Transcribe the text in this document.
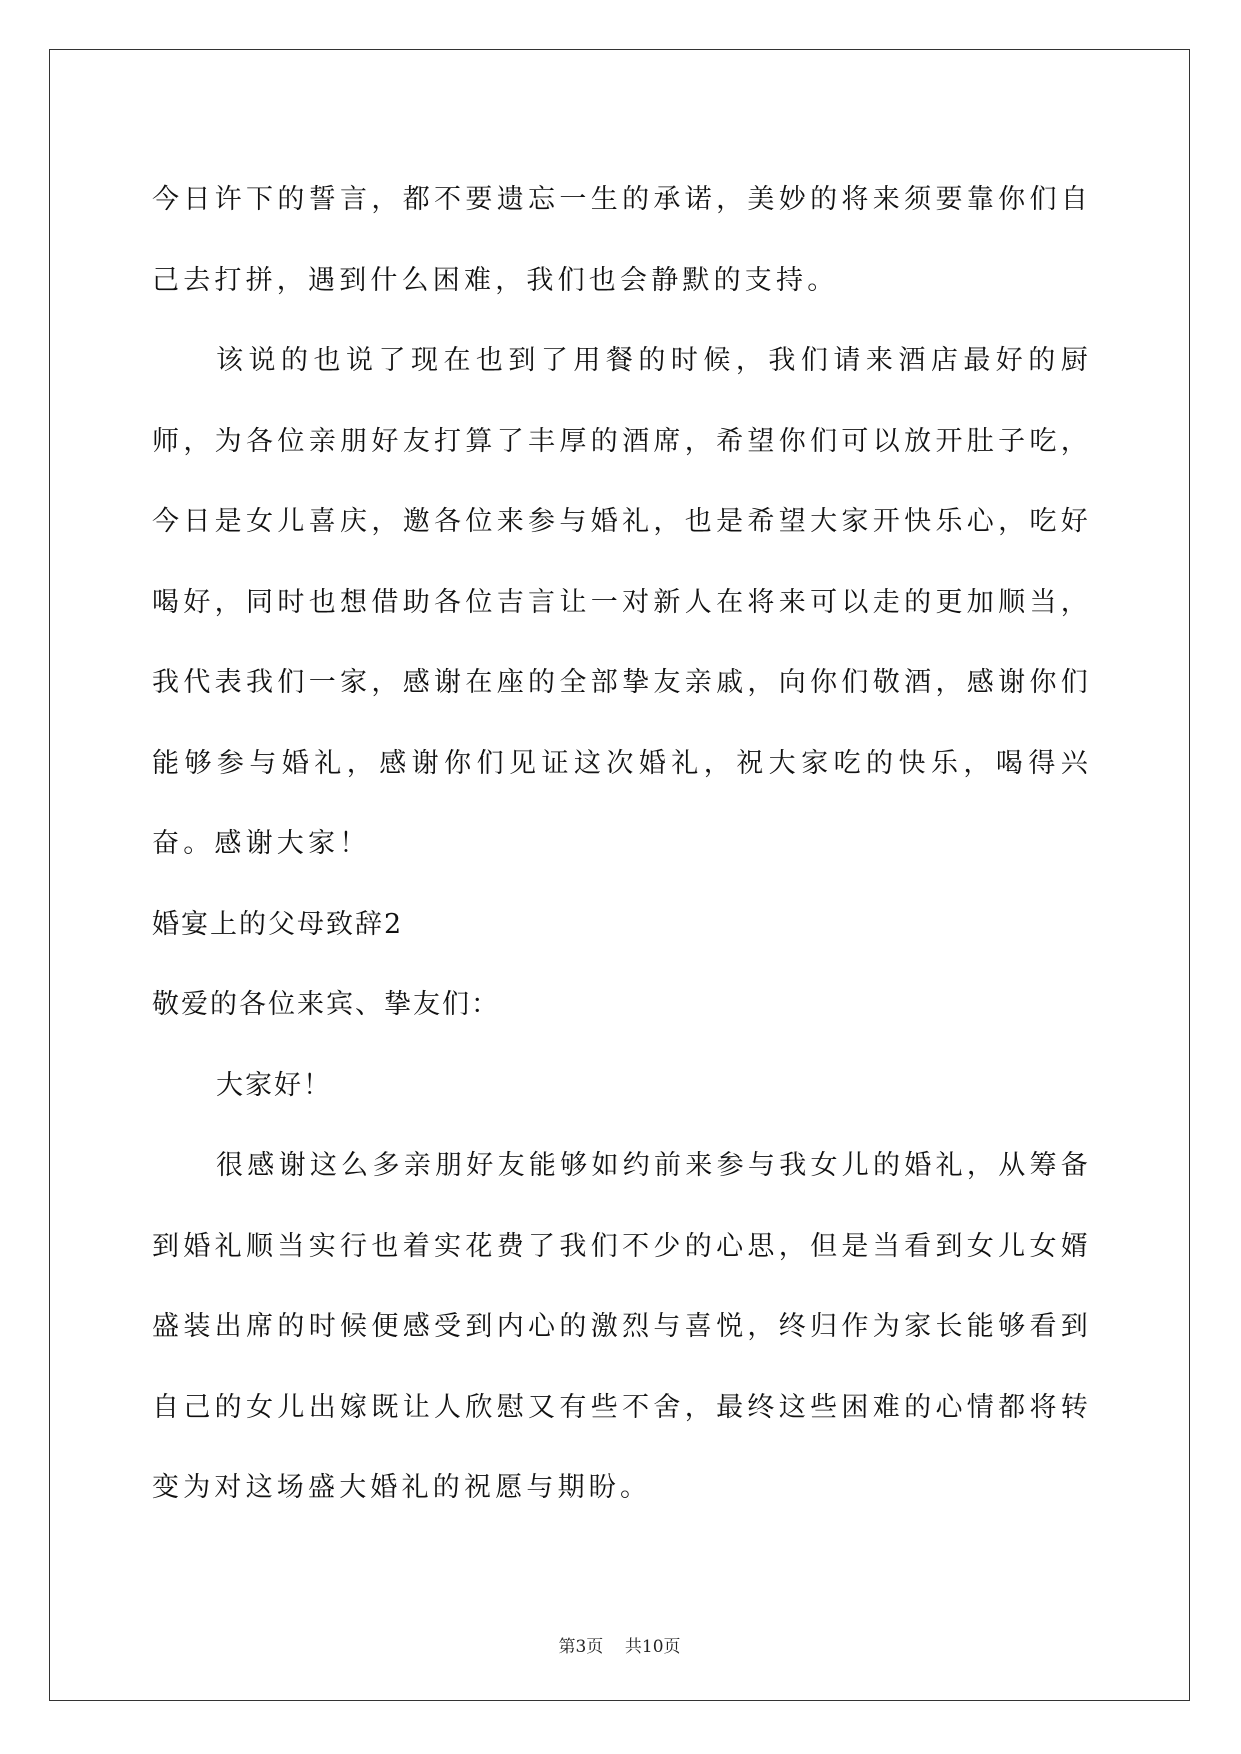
今日许下的誓言，都不要遗忘一生的承诺，美妙的将来须要靠你们自己去打拼，遇到什么困难，我们也会静默的支持。

该说的也说了现在也到了用餐的时候，我们请来酒店最好的厨师，为各位亲朋好友打算了丰厚的酒席，希望你们可以放开肚子吃，今日是女儿喜庆，邀各位来参与婚礼，也是希望大家开快乐心，吃好喝好，同时也想借助各位吉言让一对新人在将来可以走的更加顺当，我代表我们一家，感谢在座的全部挚友亲戚，向你们敬酒，感谢你们能够参与婚礼，感谢你们见证这次婚礼，祝大家吃的快乐，喝得兴奋。感谢大家！

婚宴上的父母致辞2

敬爱的各位来宾、挚友们：

大家好！

很感谢这么多亲朋好友能够如约前来参与我女儿的婚礼，从筹备到婚礼顺当实行也着实花费了我们不少的心思，但是当看到女儿女婿盛装出席的时候便感受到内心的激烈与喜悦，终归作为家长能够看到自己的女儿出嫁既让人欣慰又有些不舍，最终这些困难的心情都将转变为对这场盛大婚礼的祝愿与期盼。

第3页 共10页
